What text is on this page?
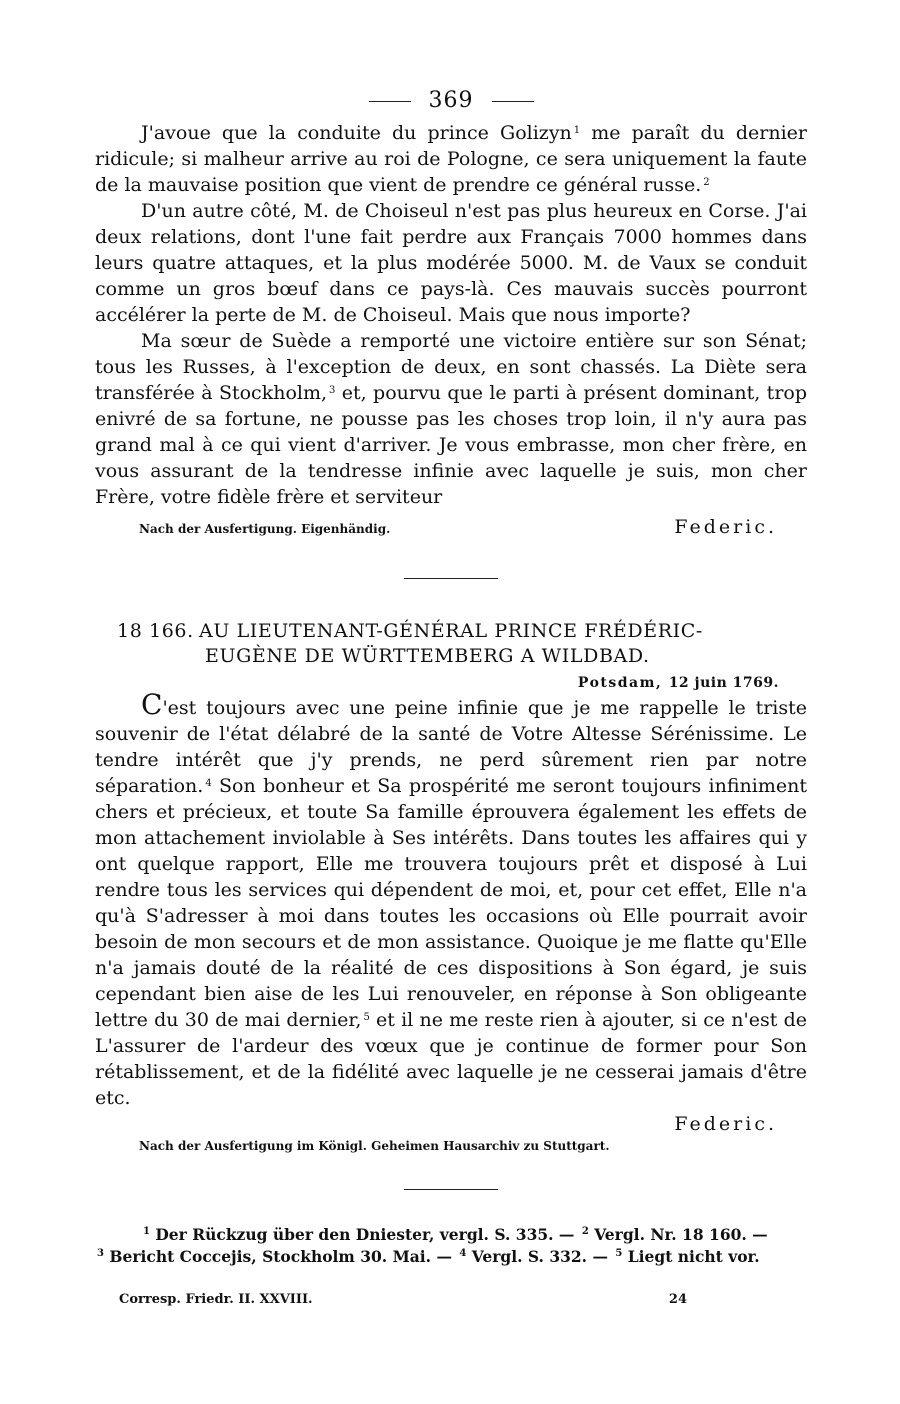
369

J'avoue que la conduite du prince Golizyn $^1$ me paraît du dernier ridicule; si malheur arrive au roi de Pologne, ce sera uniquement la faute de la mauvaise position que vient de prendre ce général russe. $^2$

D'un autre côté, M. de Choiseul n'est pas plus heureux en Corse. J'ai deux relations, dont l'une fait perdre aux Français 7000 hommes dans leurs quatre attaques, et la plus modérée 5000. M. de Vaux se conduit comme un gros bœuf dans ce pays-là. Ces mauvais succès pourront accélérer la perte de M. de Choiseul. Mais que nous importe?

Ma sœur de Suède a remporté une victoire entière sur son Sénat; tous les Russes, à l'exception de deux, en sont chassés. La Diète sera transférée à Stockholm, $^3$ et, pourvu que le parti à présent dominant, trop enivré de sa fortune, ne pousse pas les choses trop loin, il n'y aura pas grand mal à ce qui vient d'arriver. Je vous embrasse, mon cher frère, en vous assurant de la tendresse infinie avec laquelle je suis, mon cher Frère, votre fidèle frère et serviteur

Nach der Ausfertigung. Eigenhändig.	Federic.
18 166. AU LIEUTENANT-GÉNÉRAL PRINCE FRÉDÉRIC-
EUGÈNE DE WÜRTTEMBERG A WILDBAD.
Potsdam, 12 juin 1769.

C'est toujours avec une peine infinie que je me rappelle le triste souvenir de l'état délabré de la santé de Votre Altesse Sérénissime. Le tendre intérêt que j'y prends, ne perd sûrement rien par notre séparation. $^4$ Son bonheur et Sa prospérité me seront toujours infiniment chers et précieux, et toute Sa famille éprouvera également les effets de mon attachement inviolable à Ses intérêts. Dans toutes les affaires qui y ont quelque rapport, Elle me trouvera toujours prêt et disposé à Lui rendre tous les services qui dépendent de moi, et, pour cet effet, Elle n'a qu'à S'adresser à moi dans toutes les occasions où Elle pourrait avoir besoin de mon secours et de mon assistance. Quoique je me flatte qu'Elle n'a jamais douté de la réalité de ces dispositions à Son égard, je suis cependant bien aise de les Lui renouveler, en réponse à Son obligeante lettre du 30 de mai dernier, $^5$ et il ne me reste rien à ajouter, si ce n'est de L'assurer de l'ardeur des vœux que je continue de former pour Son rétablissement, et de la fidélité avec laquelle je ne cesserai jamais d'être etc.

Federic.
Nach der Ausfertigung im Königl. Geheimen Hausarchiv zu Stuttgart.

$^1$ Der Rückzug über den Dniester, vergl. S. 335. — $^2$ Vergl. Nr. 18 160. —

$^3$ Bericht Coccejis, Stockholm 30. Mai. — $^4$ Vergl. S. 332. — $^5$ Liegt nicht vor.

Corresp. Friedr. II. XXVIII.	24
